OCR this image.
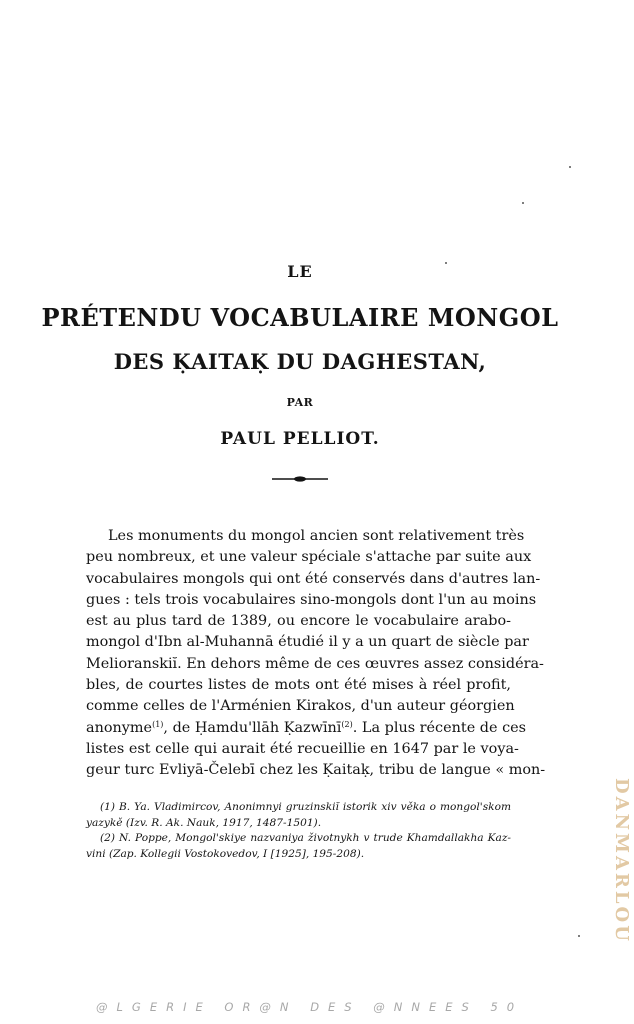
LE
PRÉTENDU VOCABULAIRE MONGOL
DES ḲAITAḲ DU DAGHESTAN,
PAR
PAUL PELLIOT.
Les monuments du mongol ancien sont relativement très
peu nombreux, et une valeur spéciale s'attache par suite aux
vocabulaires mongols qui ont été conservés dans d'autres lan-
gues : tels trois vocabulaires sino-mongols dont l'un au moins
est au plus tard de 1389, ou encore le vocabulaire arabo-
mongol d'Ibn al-Muhannā étudié il y a un quart de siècle par
Melioranskiĭ. En dehors même de ces œuvres assez considéra-
bles, de courtes listes de mots ont été mises à réel profit,
comme celles de l'Arménien Kirakos, d'un auteur géorgien
anonyme$^{(1)}$, de Ḥamdu'llāh Ḳazwīnī$^{(2)}$. La plus récente de ces
listes est celle qui aurait été recueillie en 1647 par le voya-
geur turc Evliyā-Čelebī chez les Ḳaitaḳ, tribu de langue « mon-
(1) B. Ya. Vladimircov, Anonimnyi gruzinskiĭ istorik xiv věka o mongol'skom
yazykě (Izv. R. Ak. Nauk, 1917, 1487-1501).
(2) N. Poppe, Mongol'skiye nazvaniya životnykh v trude Khamdallakha Kaz-
vini (Zap. Kollegii Vostokovedov, I [1925], 195-208).	DANMARLOU
@LGERIE OR@N DES @NNEES 50
